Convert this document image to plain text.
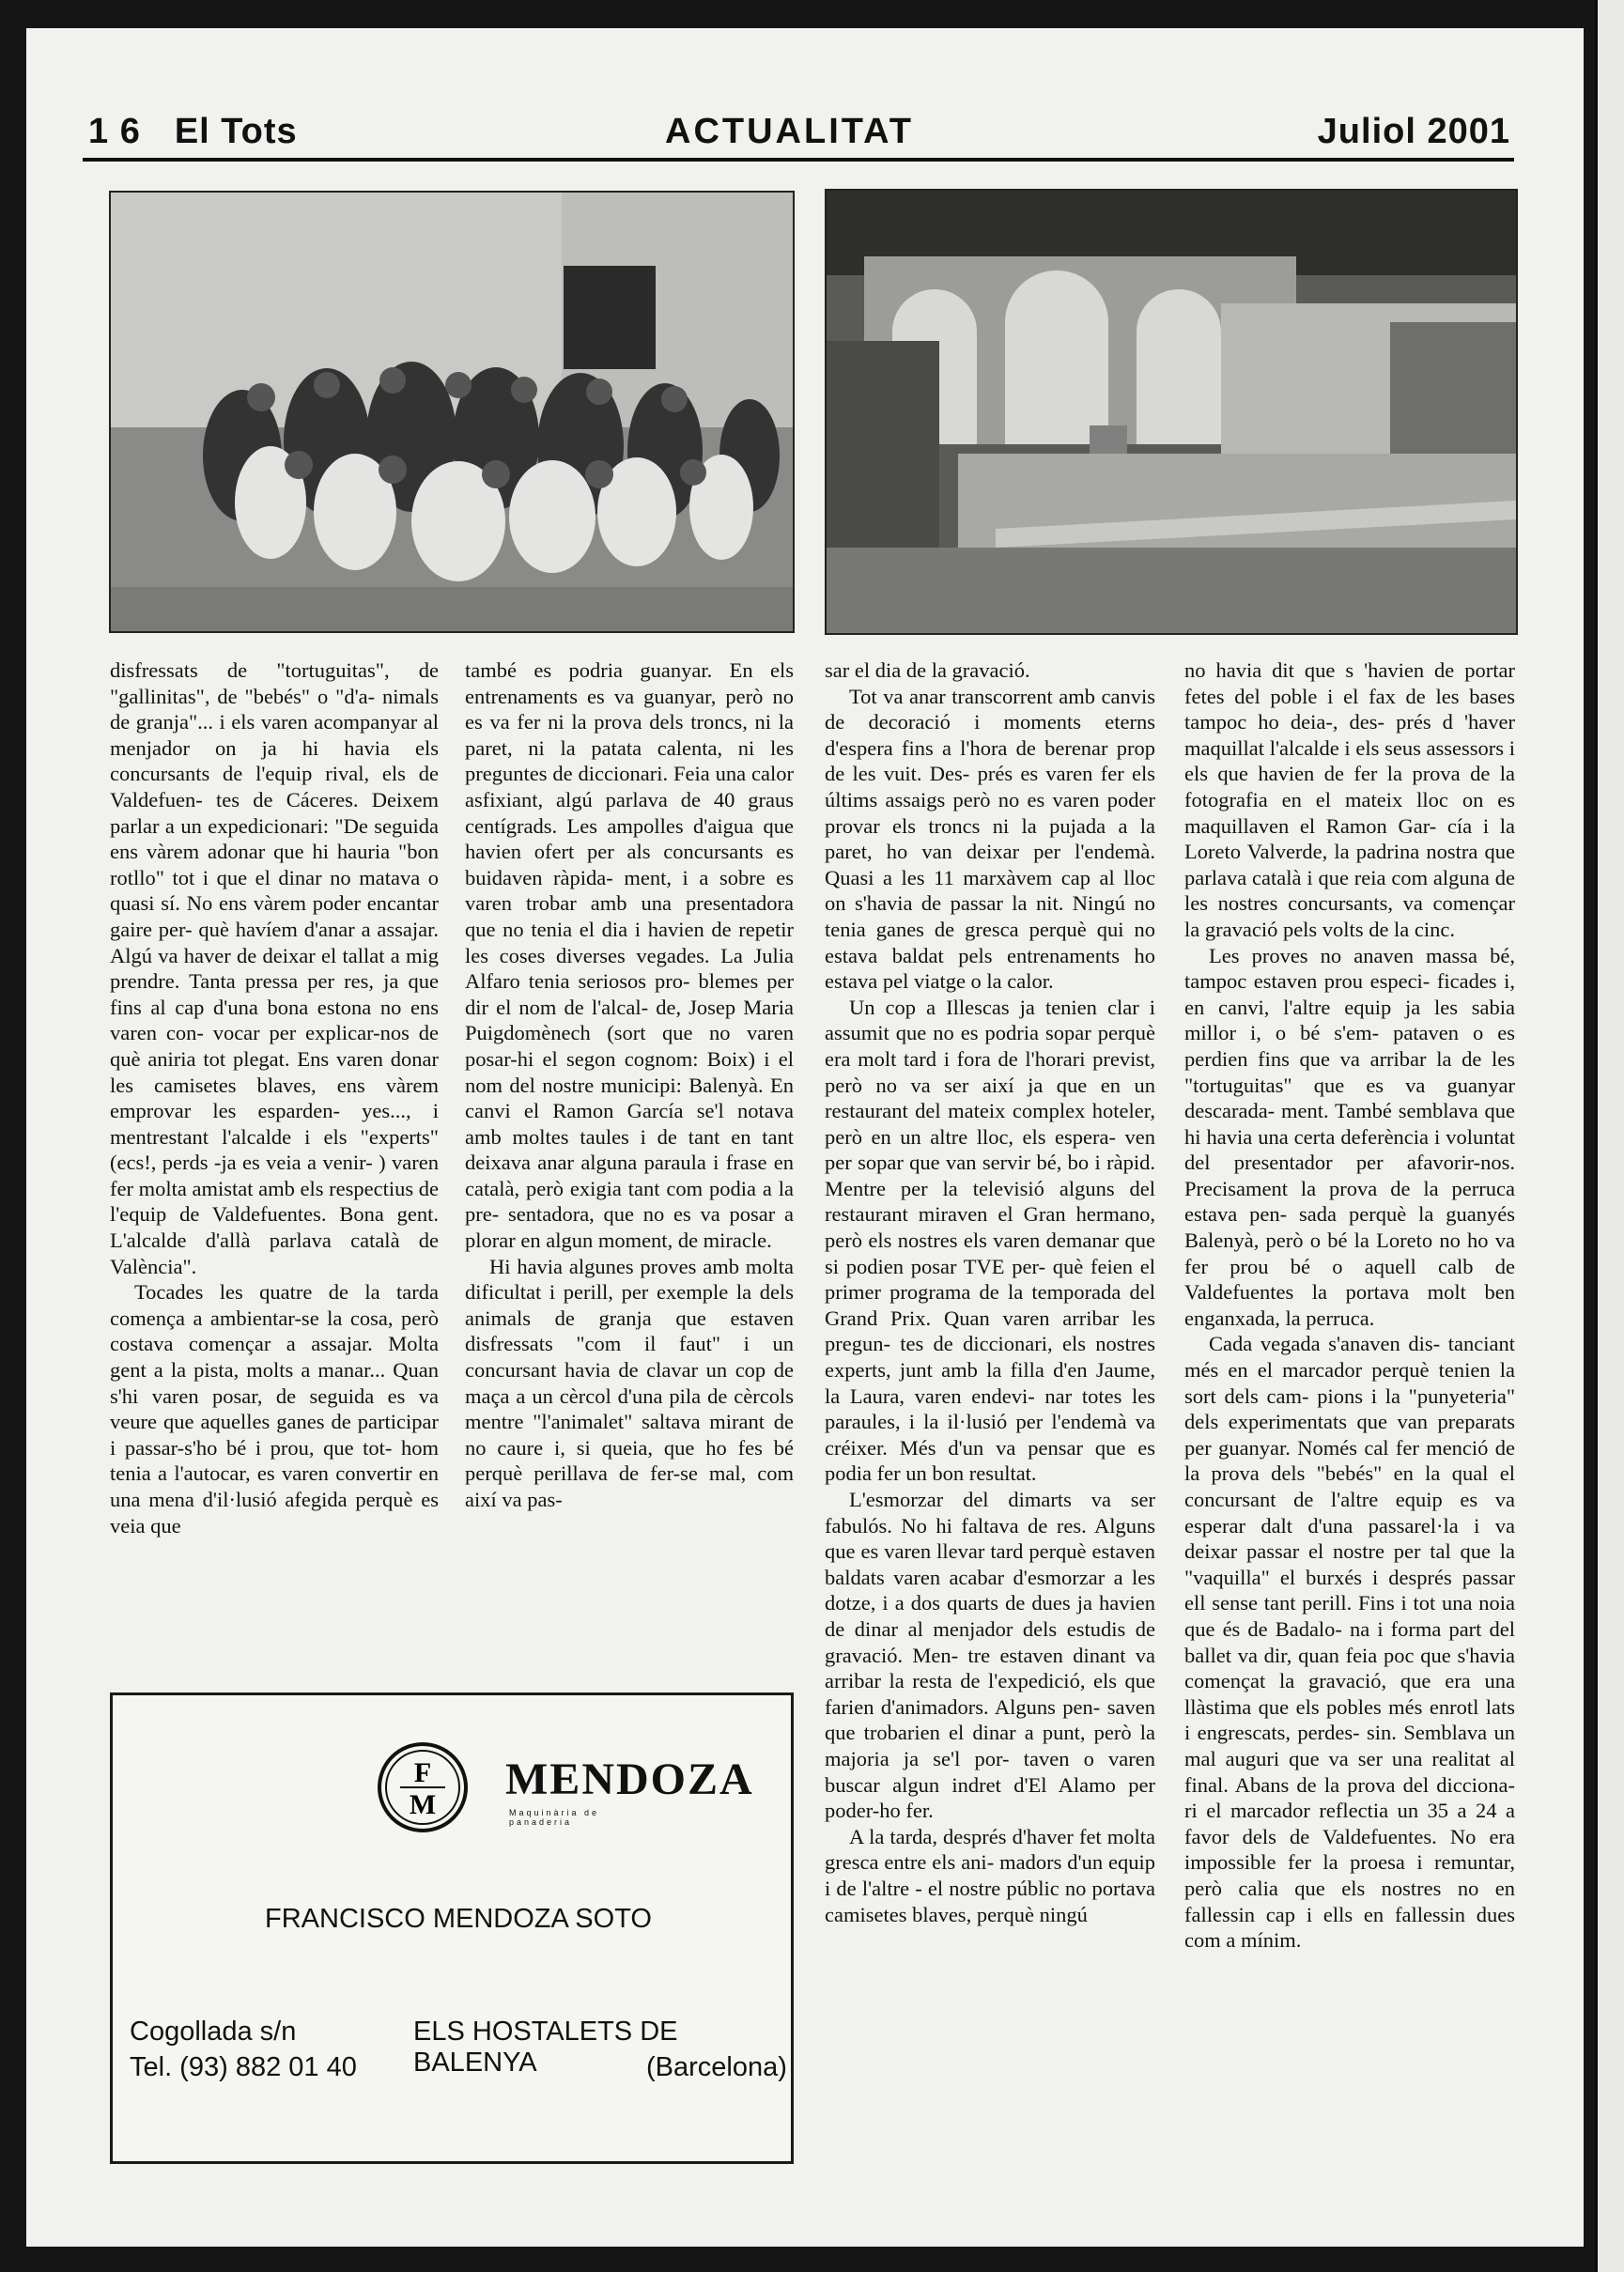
1 6 El Tots	ACTUALITAT	Juliol 2001

disfressats de "tortuguitas", de "gallinitas", de "bebés" o "d'a- nimals de granja"... i els varen acompanyar al menjador on ja hi havia els concursants de l'equip rival, els de Valdefuen- tes de Cáceres. Deixem parlar a un expedicionari: "De seguida ens vàrem adonar que hi hauria "bon rotllo" tot i que el dinar no matava o quasi sí. No ens vàrem poder encantar gaire per- què havíem d'anar a assajar. Algú va haver de deixar el tallat a mig prendre. Tanta pressa per res, ja que fins al cap d'una bona estona no ens varen con- vocar per explicar-nos de què aniria tot plegat. Ens varen donar les camisetes blaves, ens vàrem emprovar les esparden- yes..., i mentrestant l'alcalde i els "experts" (ecs!, perds -ja es veia a venir- ) varen fer molta amistat amb els respectius de l'equip de Valdefuentes. Bona gent. L'alcalde d'allà parlava català de València".

Tocades les quatre de la tarda comença a ambientar-se la cosa, però costava començar a assajar. Molta gent a la pista, molts a manar... Quan s'hi varen posar, de seguida es va veure que aquelles ganes de participar i passar-s'ho bé i prou, que tot- hom tenia a l'autocar, es varen convertir en una mena d'il·lusió afegida perquè es veia que

també es podria guanyar. En els entrenaments es va guanyar, però no es va fer ni la prova dels troncs, ni la paret, ni la patata calenta, ni les preguntes de diccionari. Feia una calor asfixiant, algú parlava de 40 graus centígrads. Les ampolles d'aigua que havien ofert per als concursants es buidaven ràpida- ment, i a sobre es varen trobar amb una presentadora que no tenia el dia i havien de repetir les coses diverses vegades. La Julia Alfaro tenia seriosos pro- blemes per dir el nom de l'alcal- de, Josep Maria Puigdomènech (sort que no varen posar-hi el segon cognom: Boix) i el nom del nostre municipi: Balenyà. En canvi el Ramon García se'l notava amb moltes taules i de tant en tant deixava anar alguna paraula i frase en català, però exigia tant com podia a la pre- sentadora, que no es va posar a plorar en algun moment, de miracle.

Hi havia algunes proves amb molta dificultat i perill, per exemple la dels animals de granja que estaven disfressats "com il faut" i un concursant havia de clavar un cop de maça a un cèrcol d'una pila de cèrcols mentre "l'animalet" saltava mirant de no caure i, si queia, que ho fes bé perquè perillava de fer-se mal, com així va pas-

sar el dia de la gravació.

Tot va anar transcorrent amb canvis de decoració i moments eterns d'espera fins a l'hora de berenar prop de les vuit. Des- prés es varen fer els últims assaigs però no es varen poder provar els troncs ni la pujada a la paret, ho van deixar per l'endemà. Quasi a les 11 marxàvem cap al lloc on s'havia de passar la nit. Ningú no tenia ganes de gresca perquè qui no estava baldat pels entrenaments ho estava pel viatge o la calor.

Un cop a Illescas ja tenien clar i assumit que no es podria sopar perquè era molt tard i fora de l'horari previst, però no va ser així ja que en un restaurant del mateix complex hoteler, però en un altre lloc, els espera- ven per sopar que van servir bé, bo i ràpid. Mentre per la televisió alguns del restaurant miraven el Gran hermano, però els nostres els varen demanar que si podien posar TVE per- què feien el primer programa de la temporada del Grand Prix. Quan varen arribar les pregun- tes de diccionari, els nostres experts, junt amb la filla d'en Jaume, la Laura, varen endevi- nar totes les paraules, i la il·lusió per l'endemà va créixer. Més d'un va pensar que es podia fer un bon resultat.

L'esmorzar del dimarts va ser fabulós. No hi faltava de res. Alguns que es varen llevar tard perquè estaven baldats varen acabar d'esmorzar a les dotze, i a dos quarts de dues ja havien de dinar al menjador dels estudis de gravació. Men- tre estaven dinant va arribar la resta de l'expedició, els que farien d'animadors. Alguns pen- saven que trobarien el dinar a punt, però la majoria ja se'l por- taven o varen buscar algun indret d'El Alamo per poder-ho fer.

A la tarda, després d'haver fet molta gresca entre els ani- madors d'un equip i de l'altre - el nostre públic no portava camisetes blaves, perquè ningú

no havia dit que s 'havien de portar fetes del poble i el fax de les bases tampoc ho deia-, des- prés d 'haver maquillat l'alcalde i els seus assessors i els que havien de fer la prova de la fotografia en el mateix lloc on es maquillaven el Ramon Gar- cía i la Loreto Valverde, la padrina nostra que parlava català i que reia com alguna de les nostres concursants, va començar la gravació pels volts de la cinc.

Les proves no anaven massa bé, tampoc estaven prou especi- ficades i, en canvi, l'altre equip ja les sabia millor i, o bé s'em- pataven o es perdien fins que va arribar la de les "tortuguitas" que es va guanyar descarada- ment. També semblava que hi havia una certa deferència i voluntat del presentador per afavorir-nos. Precisament la prova de la perruca estava pen- sada perquè la guanyés Balenyà, però o bé la Loreto no ho va fer prou bé o aquell calb de Valdefuentes la portava molt ben enganxada, la perruca.

Cada vegada s'anaven dis- tanciant més en el marcador perquè tenien la sort dels cam- pions i la "punyeteria" dels experimentats que van preparats per guanyar. Només cal fer menció de la prova dels "bebés" en la qual el concursant de l'altre equip es va esperar dalt d'una passarel·la i va deixar passar el nostre per tal que la "vaquilla" el burxés i després passar ell sense tant perill. Fins i tot una noia que és de Badalo- na i forma part del ballet va dir, quan feia poc que s'havia començat la gravació, que era una llàstima que els pobles més enrotl lats i engrescats, perdes- sin. Semblava un mal auguri que va ser una realitat al final. Abans de la prova del dicciona- ri el marcador reflectia un 35 a 24 a favor dels de Valdefuentes. No era impossible fer la proesa i remuntar, però calia que els nostres no en fallessin cap i ells en fallessin dues com a mínim.

F
M
MENDOZA
Maquinària de panaderia
FRANCISCO MENDOZA SOTO
Cogollada s/n
Tel. (93) 882 01 40
ELS HOSTALETS DE BALENYA	(Barcelona)
